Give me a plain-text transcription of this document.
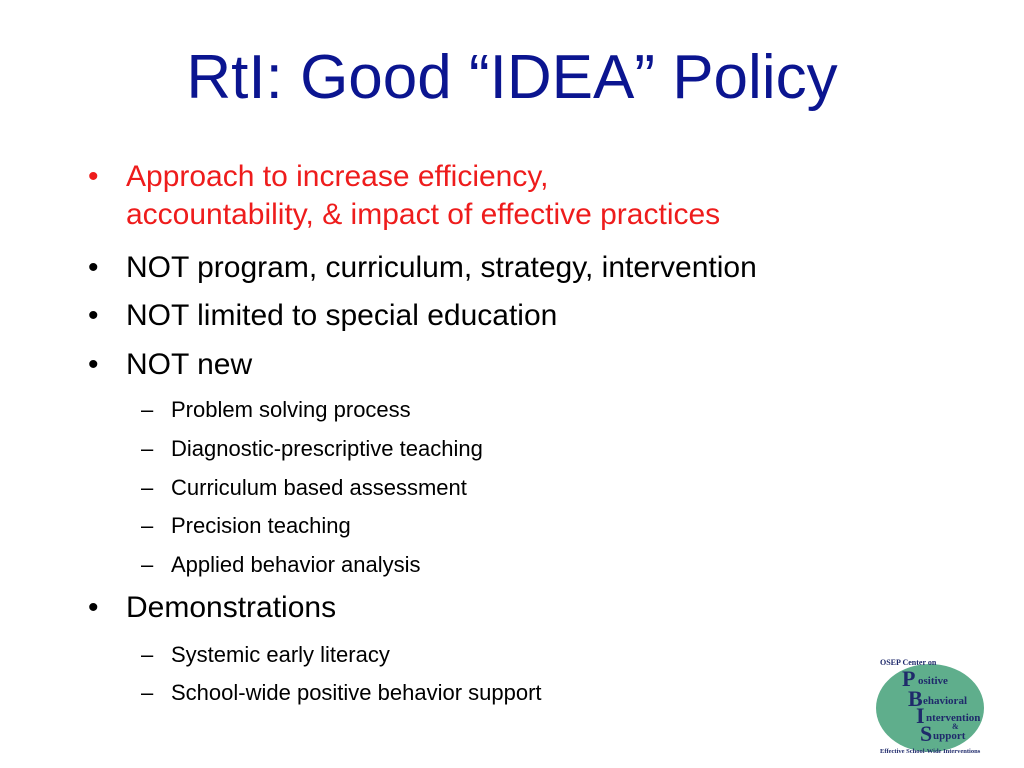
RtI: Good “IDEA” Policy
• Approach to increase efficiency,
accountability, & impact of effective practices
• NOT program, curriculum, strategy, intervention
• NOT limited to special education
• NOT new
– Problem solving process
– Diagnostic-prescriptive teaching
– Curriculum based assessment
– Precision teaching
– Applied behavior analysis
• Demonstrations
– Systemic early literacy
– School-wide positive behavior support
OSEP Center on
P ositive
B ehavioral
I ntervention
&
S upport
Effective School-Wide Interventions
